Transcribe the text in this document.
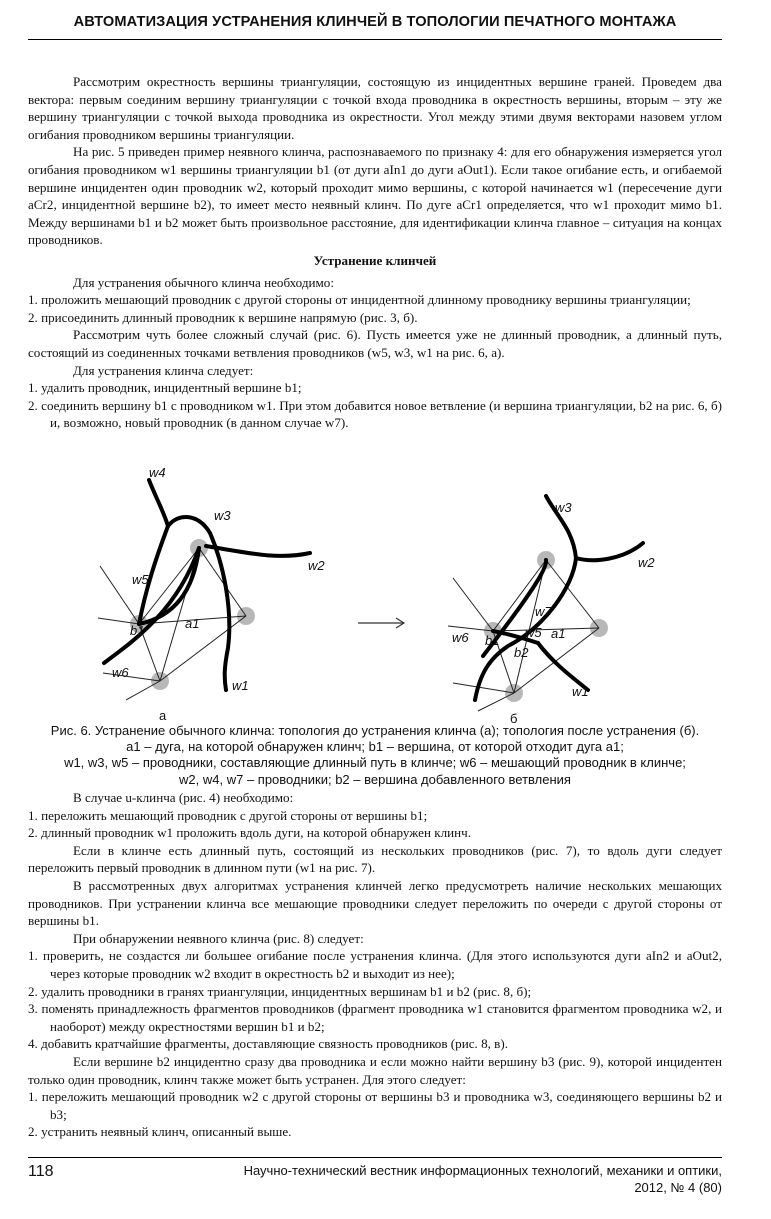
АВТОМАТИЗАЦИЯ УСТРАНЕНИЯ КЛИНЧЕЙ В ТОПОЛОГИИ ПЕЧАТНОГО МОНТАЖА

Рассмотрим окрестность вершины триангуляции, состоящую из инцидентных вершине граней. Проведем два вектора: первым соединим вершину триангуляции с точкой входа проводника в окрестность вершины, вторым – эту же вершину триангуляции с точкой выхода проводника из окрестности. Угол между этими двумя векторами назовем углом огибания проводником вершины триангуляции.

На рис. 5 приведен пример неявного клинча, распознаваемого по признаку 4: для его обнаружения измеряется угол огибания проводником w1 вершины триангуляции b1 (от дуги aIn1 до дуги aOut1). Если такое огибание есть, и огибаемой вершине инцидентен один проводник w2, который проходит мимо вершины, с которой начинается w1 (пересечение дуги aCr2, инцидентной вершине b2), то имеет место неявный клинч. По дуге aCr1 определяется, что w1 проходит мимо b1. Между вершинами b1 и b2 может быть произвольное расстояние, для идентификации клинча главное – ситуация на концах проводников.

Устранение клинчей

Для устранения обычного клинча необходимо:

1. проложить мешающий проводник с другой стороны от инцидентной длинному проводнику вершины триангуляции;

2. присоединить длинный проводник к вершине напрямую (рис. 3, б).

Рассмотрим чуть более сложный случай (рис. 6). Пусть имеется уже не длинный проводник, а длинный путь, состоящий из соединенных точками ветвления проводников (w5, w3, w1 на рис. 6, а).

Для устранения клинча следует:

1. удалить проводник, инцидентный вершине b1;

2. соединить вершину b1 с проводником w1. При этом добавится новое ветвление (и вершина триангуляции, b2 на рис. 6, б) и, возможно, новый проводник (в данном случае w7).

w4
w3
w2
w5
a1
b1
w6
w1
а
w3
w2
w7
w6	w5 a1
b1
b2
w1
б
Рис. 6. Устранение обычного клинча: топология до устранения клинча (а); топология после устранения (б).
a1 – дуга, на которой обнаружен клинч; b1 – вершина, от которой отходит дуга a1;
w1, w3, w5 – проводники, составляющие длинный путь в клинче; w6 – мешающий проводник в клинче;
w2, w4, w7 – проводники; b2 – вершина добавленного ветвления

В случае u-клинча (рис. 4) необходимо:

1. переложить мешающий проводник с другой стороны от вершины b1;

2. длинный проводник w1 проложить вдоль дуги, на которой обнаружен клинч.

Если в клинче есть длинный путь, состоящий из нескольких проводников (рис. 7), то вдоль дуги следует переложить первый проводник в длинном пути (w1 на рис. 7).

В рассмотренных двух алгоритмах устранения клинчей легко предусмотреть наличие нескольких мешающих проводников. При устранении клинча все мешающие проводники следует переложить по очереди с другой стороны от вершины b1.

При обнаружении неявного клинча (рис. 8) следует:

1. проверить, не создастся ли большее огибание после устранения клинча. (Для этого используются дуги aIn2 и aOut2, через которые проводник w2 входит в окрестность b2 и выходит из нее);

2. удалить проводники в гранях триангуляции, инцидентных вершинам b1 и b2 (рис. 8, б);

3. поменять принадлежность фрагментов проводников (фрагмент проводника w1 становится фрагментом проводника w2, и наоборот) между окрестностями вершин b1 и b2;

4. добавить кратчайшие фрагменты, доставляющие связность проводников (рис. 8, в).

Если вершине b2 инцидентно сразу два проводника и если можно найти вершину b3 (рис. 9), которой инцидентен только один проводник, клинч также может быть устранен. Для этого следует:

1. переложить мешающий проводник w2 с другой стороны от вершины b3 и проводника w3, соединяющего вершины b2 и b3;

2. устранить неявный клинч, описанный выше.

118	Научно-технический вестник информационных технологий, механики и оптики,
2012, № 4 (80)
